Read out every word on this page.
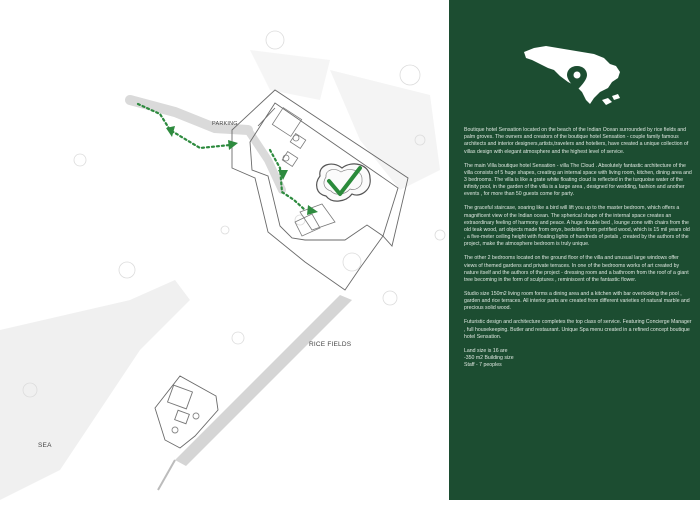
PARKING
RICE FIELDS
SEA

Boutique hotel Sensation located on the beach of the Indian Ocean surrounded by rice fields and palm groves. The owners and creators of the boutique hotel Sensation - couple family famous architects and interior designers,artists,travelers and hoteliers, have created a unique collection of villas design with elegant atmosphere and the highest level of service.

The main Villa boutique hotel Sensation - villa The Cloud . Absolutely fantastic architecture of the villa consists of 5 huge shapes, creating an internal space with living room, kitchen, dining area and 3 bedrooms. The villa is like a grate white floating cloud is reflected in the turquoise water of the infinity pool, in the garden of the villa is a large area , designed for wedding, fashion and another events , for more than 50 guests come for party.

The graceful staircase, soaring like a bird will lift you up to the master bedroom, which offers a magnificent view of the Indian ocean. The spherical shape of the internal space creates an extraordinary feeling of harmony and peace. A huge double bed , lounge zone with chairs from the old teak wood, art objects made from onyx, bedsides from petrified wood, which is 15 mil years old , a five-meter ceiling height with floating lights of hundreds of petals , created by the authors of the project, make the atmosphere bedroom is truly unique.

The other 2 bedrooms located on the ground floor of the villa and unusual large windows offer views of themed gardens and private terraces. In one of the bedrooms works of art created by nature itself and the authors of the project - dressing room and a bathroom from the roof of a giant tree becoming in the form of sculptures , reminiscent of the fantastic flower.

Studio size 150m2 living room forms a dining area and a kitchen with bar overlooking the pool , garden and rice terraces. All interior parts are created from different varieties of natural marble and precious solid wood.

Futuristic design and architecture completes the top class of service. Featuring Concierge Manager , full housekeeping. Butler and restaurant. Unique Spa menu created in a refined concept boutique hotel Sensation.

Land size is 16 are
-350 m2 Building size
Staff - 7 peoples
